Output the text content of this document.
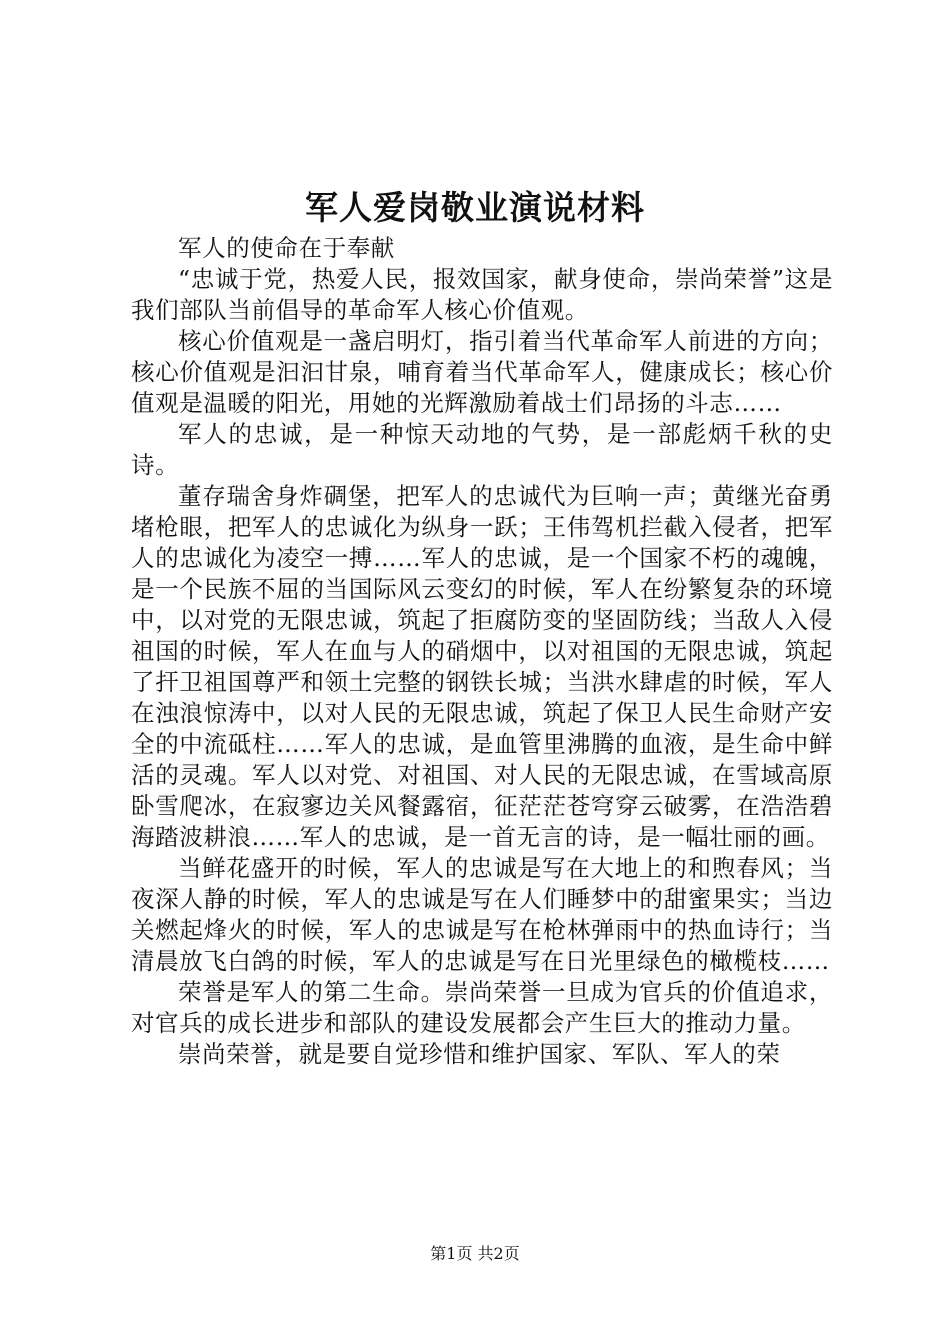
军人爱岗敬业演说材料

军人的使命在于奉献

“忠诚于党，热爱人民，报效国家，献身使命，崇尚荣誉”这是我们部队当前倡导的革命军人核心价值观。

核心价值观是一盏启明灯，指引着当代革命军人前进的方向；核心价值观是汩汩甘泉，哺育着当代革命军人，健康成长；核心价值观是温暖的阳光，用她的光辉激励着战士们昂扬的斗志……

军人的忠诚，是一种惊天动地的气势，是一部彪炳千秋的史诗。

董存瑞舍身炸碉堡，把军人的忠诚代为巨响一声；黄继光奋勇堵枪眼，把军人的忠诚化为纵身一跃；王伟驾机拦截入侵者，把军人的忠诚化为凌空一搏……军人的忠诚，是一个国家不朽的魂魄，是一个民族不屈的当国际风云变幻的时候，军人在纷繁复杂的环境中，以对党的无限忠诚，筑起了拒腐防变的坚固防线；当敌人入侵祖国的时候，军人在血与人的硝烟中，以对祖国的无限忠诚，筑起了扞卫祖国尊严和领土完整的钢铁长城；当洪水肆虐的时候，军人在浊浪惊涛中，以对人民的无限忠诚，筑起了保卫人民生命财产安全的中流砥柱……军人的忠诚，是血管里沸腾的血液，是生命中鲜活的灵魂。军人以对党、对祖国、对人民的无限忠诚，在雪域高原卧雪爬冰，在寂寥边关风餐露宿，征茫茫苍穹穿云破雾，在浩浩碧海踏波耕浪……军人的忠诚，是一首无言的诗，是一幅壮丽的画。

当鲜花盛开的时候，军人的忠诚是写在大地上的和煦春风；当夜深人静的时候，军人的忠诚是写在人们睡梦中的甜蜜果实；当边关燃起烽火的时候，军人的忠诚是写在枪林弹雨中的热血诗行；当清晨放飞白鸽的时候，军人的忠诚是写在日光里绿色的橄榄枝……

荣誉是军人的第二生命。崇尚荣誉一旦成为官兵的价值追求，对官兵的成长进步和部队的建设发展都会产生巨大的推动力量。

崇尚荣誉，就是要自觉珍惜和维护国家、军队、军人的荣

第1页 共2页
